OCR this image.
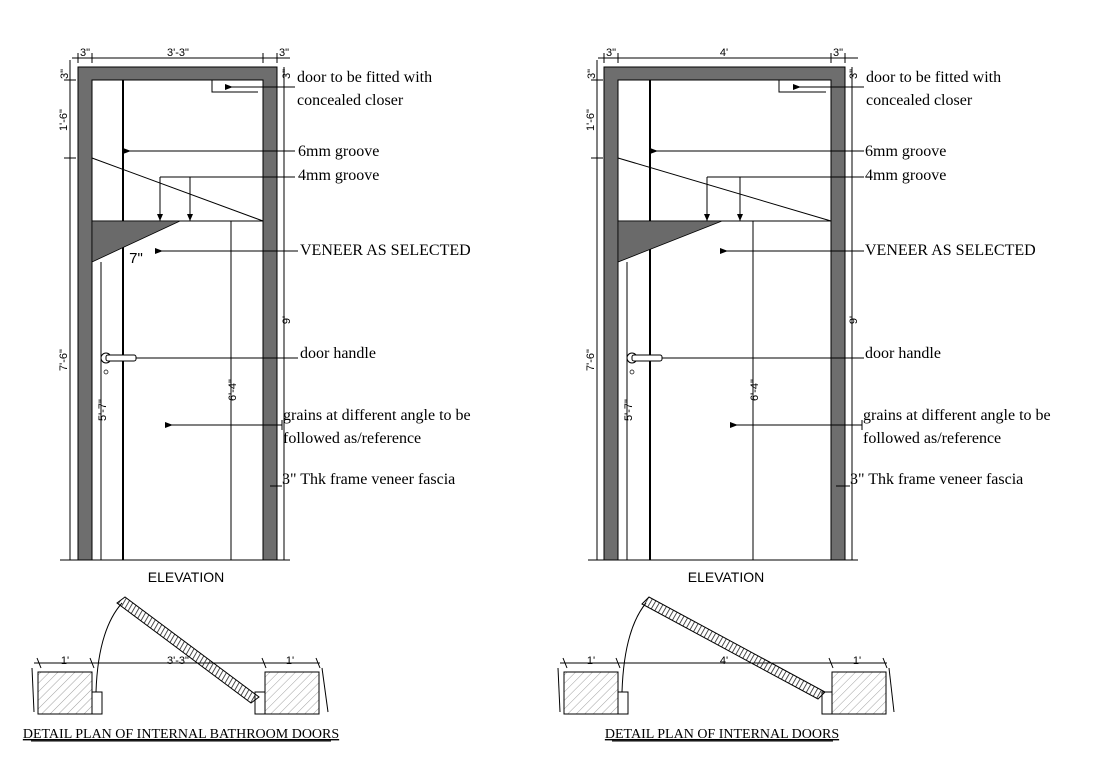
3"	3'-3"	3"
3"	3"
1'-6"
7'-6"
9'
5'-7"
6'-4"
7"
door to be fitted with
concealed closer
6mm groove
4mm groove
VENEER AS SELECTED
door handle
grains at different angle to be
followed as/reference
3" Thk frame veneer fascia
ELEVATION
3"	4'	3"
3"	3"
1'-6"
7'-6"
9'
5'-7"
6'-4"
door to be fitted with
concealed closer
6mm groove
4mm groove
VENEER AS SELECTED
door handle
grains at different angle to be
followed as/reference
3" Thk frame veneer fascia
ELEVATION
1'	3'-3"	1'
DETAIL PLAN OF INTERNAL BATHROOM DOORS
1'	4'	1'
DETAIL PLAN OF INTERNAL DOORS
